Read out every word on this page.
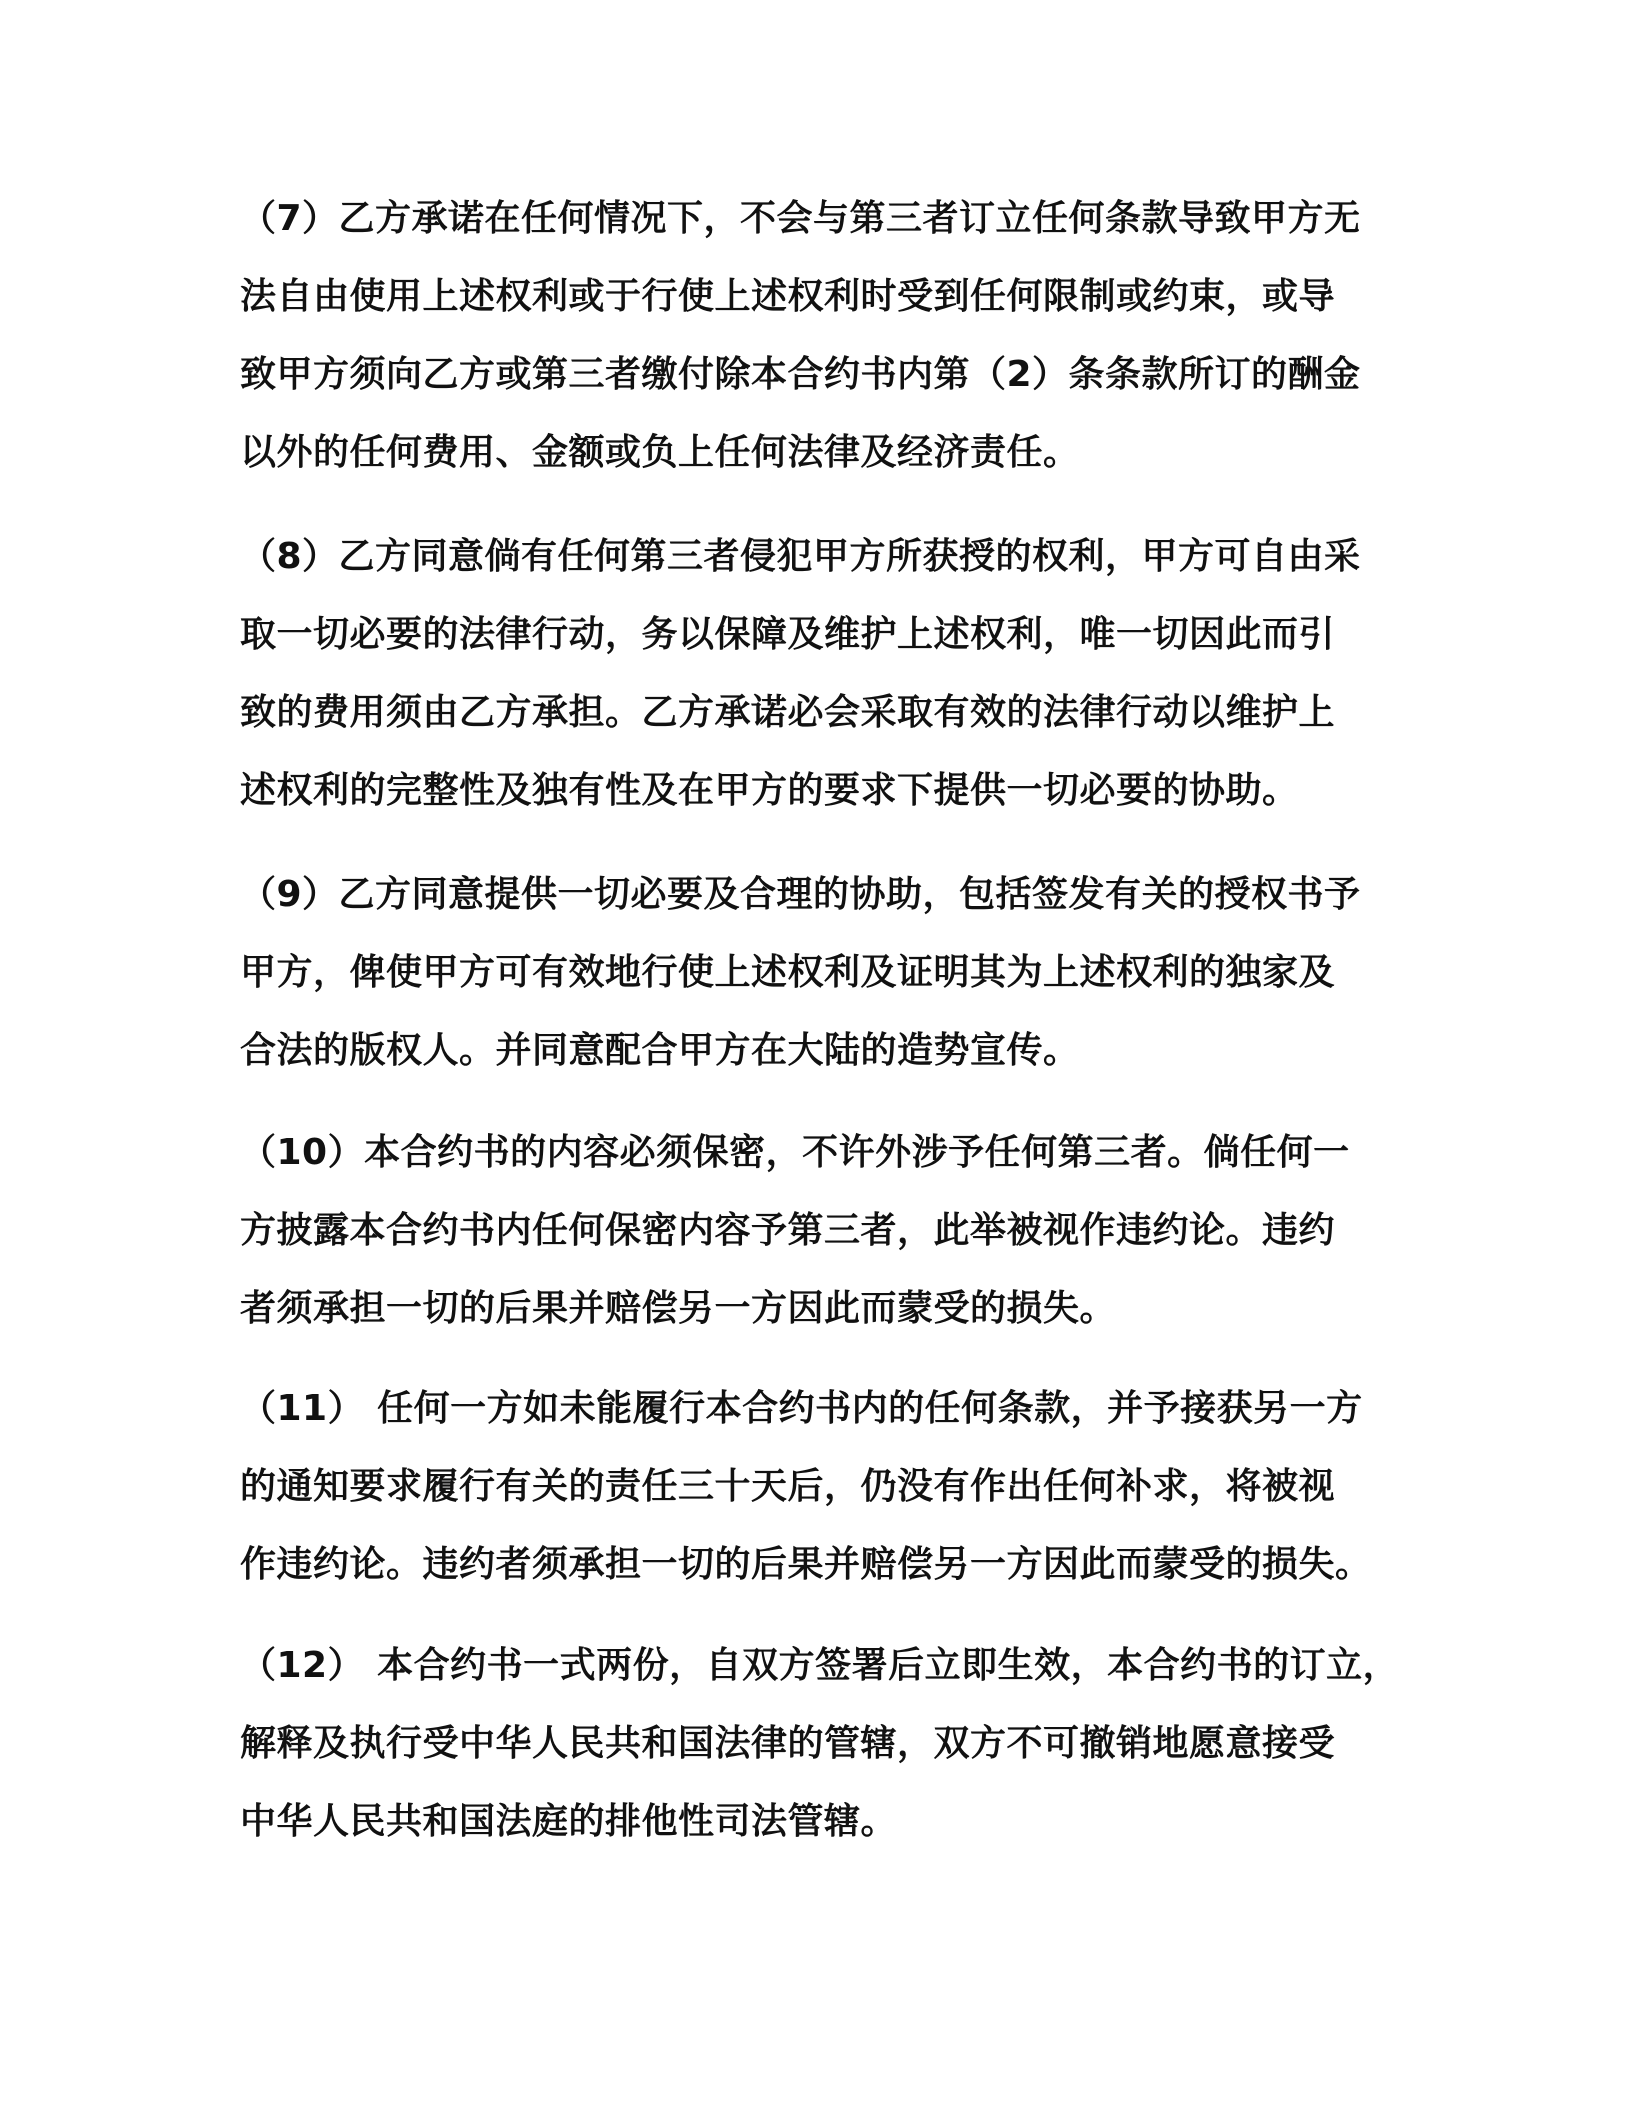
（7）乙方承诺在任何情况下，不会与第三者订立任何条款导致甲方无
法自由使用上述权利或于行使上述权利时受到任何限制或约束，或导
致甲方须向乙方或第三者缴付除本合约书内第（2）条条款所订的酬金
以外的任何费用、金额或负上任何法律及经济责任。

（8）乙方同意倘有任何第三者侵犯甲方所获授的权利，甲方可自由采
取一切必要的法律行动，务以保障及维护上述权利，唯一切因此而引
致的费用须由乙方承担。乙方承诺必会采取有效的法律行动以维护上
述权利的完整性及独有性及在甲方的要求下提供一切必要的协助。

（9）乙方同意提供一切必要及合理的协助，包括签发有关的授权书予
甲方，俾使甲方可有效地行使上述权利及证明其为上述权利的独家及
合法的版权人。并同意配合甲方在大陆的造势宣传。

（10）本合约书的内容必须保密，不许外涉予任何第三者。倘任何一
方披露本合约书内任何保密内容予第三者，此举被视作违约论。违约
者须承担一切的后果并赔偿另一方因此而蒙受的损失。

（11） 任何一方如未能履行本合约书内的任何条款，并予接获另一方
的通知要求履行有关的责任三十天后，仍没有作出任何补求，将被视
作违约论。违约者须承担一切的后果并赔偿另一方因此而蒙受的损失。

（12） 本合约书一式两份，自双方签署后立即生效，本合约书的订立，
解释及执行受中华人民共和国法律的管辖，双方不可撤销地愿意接受
中华人民共和国法庭的排他性司法管辖。
